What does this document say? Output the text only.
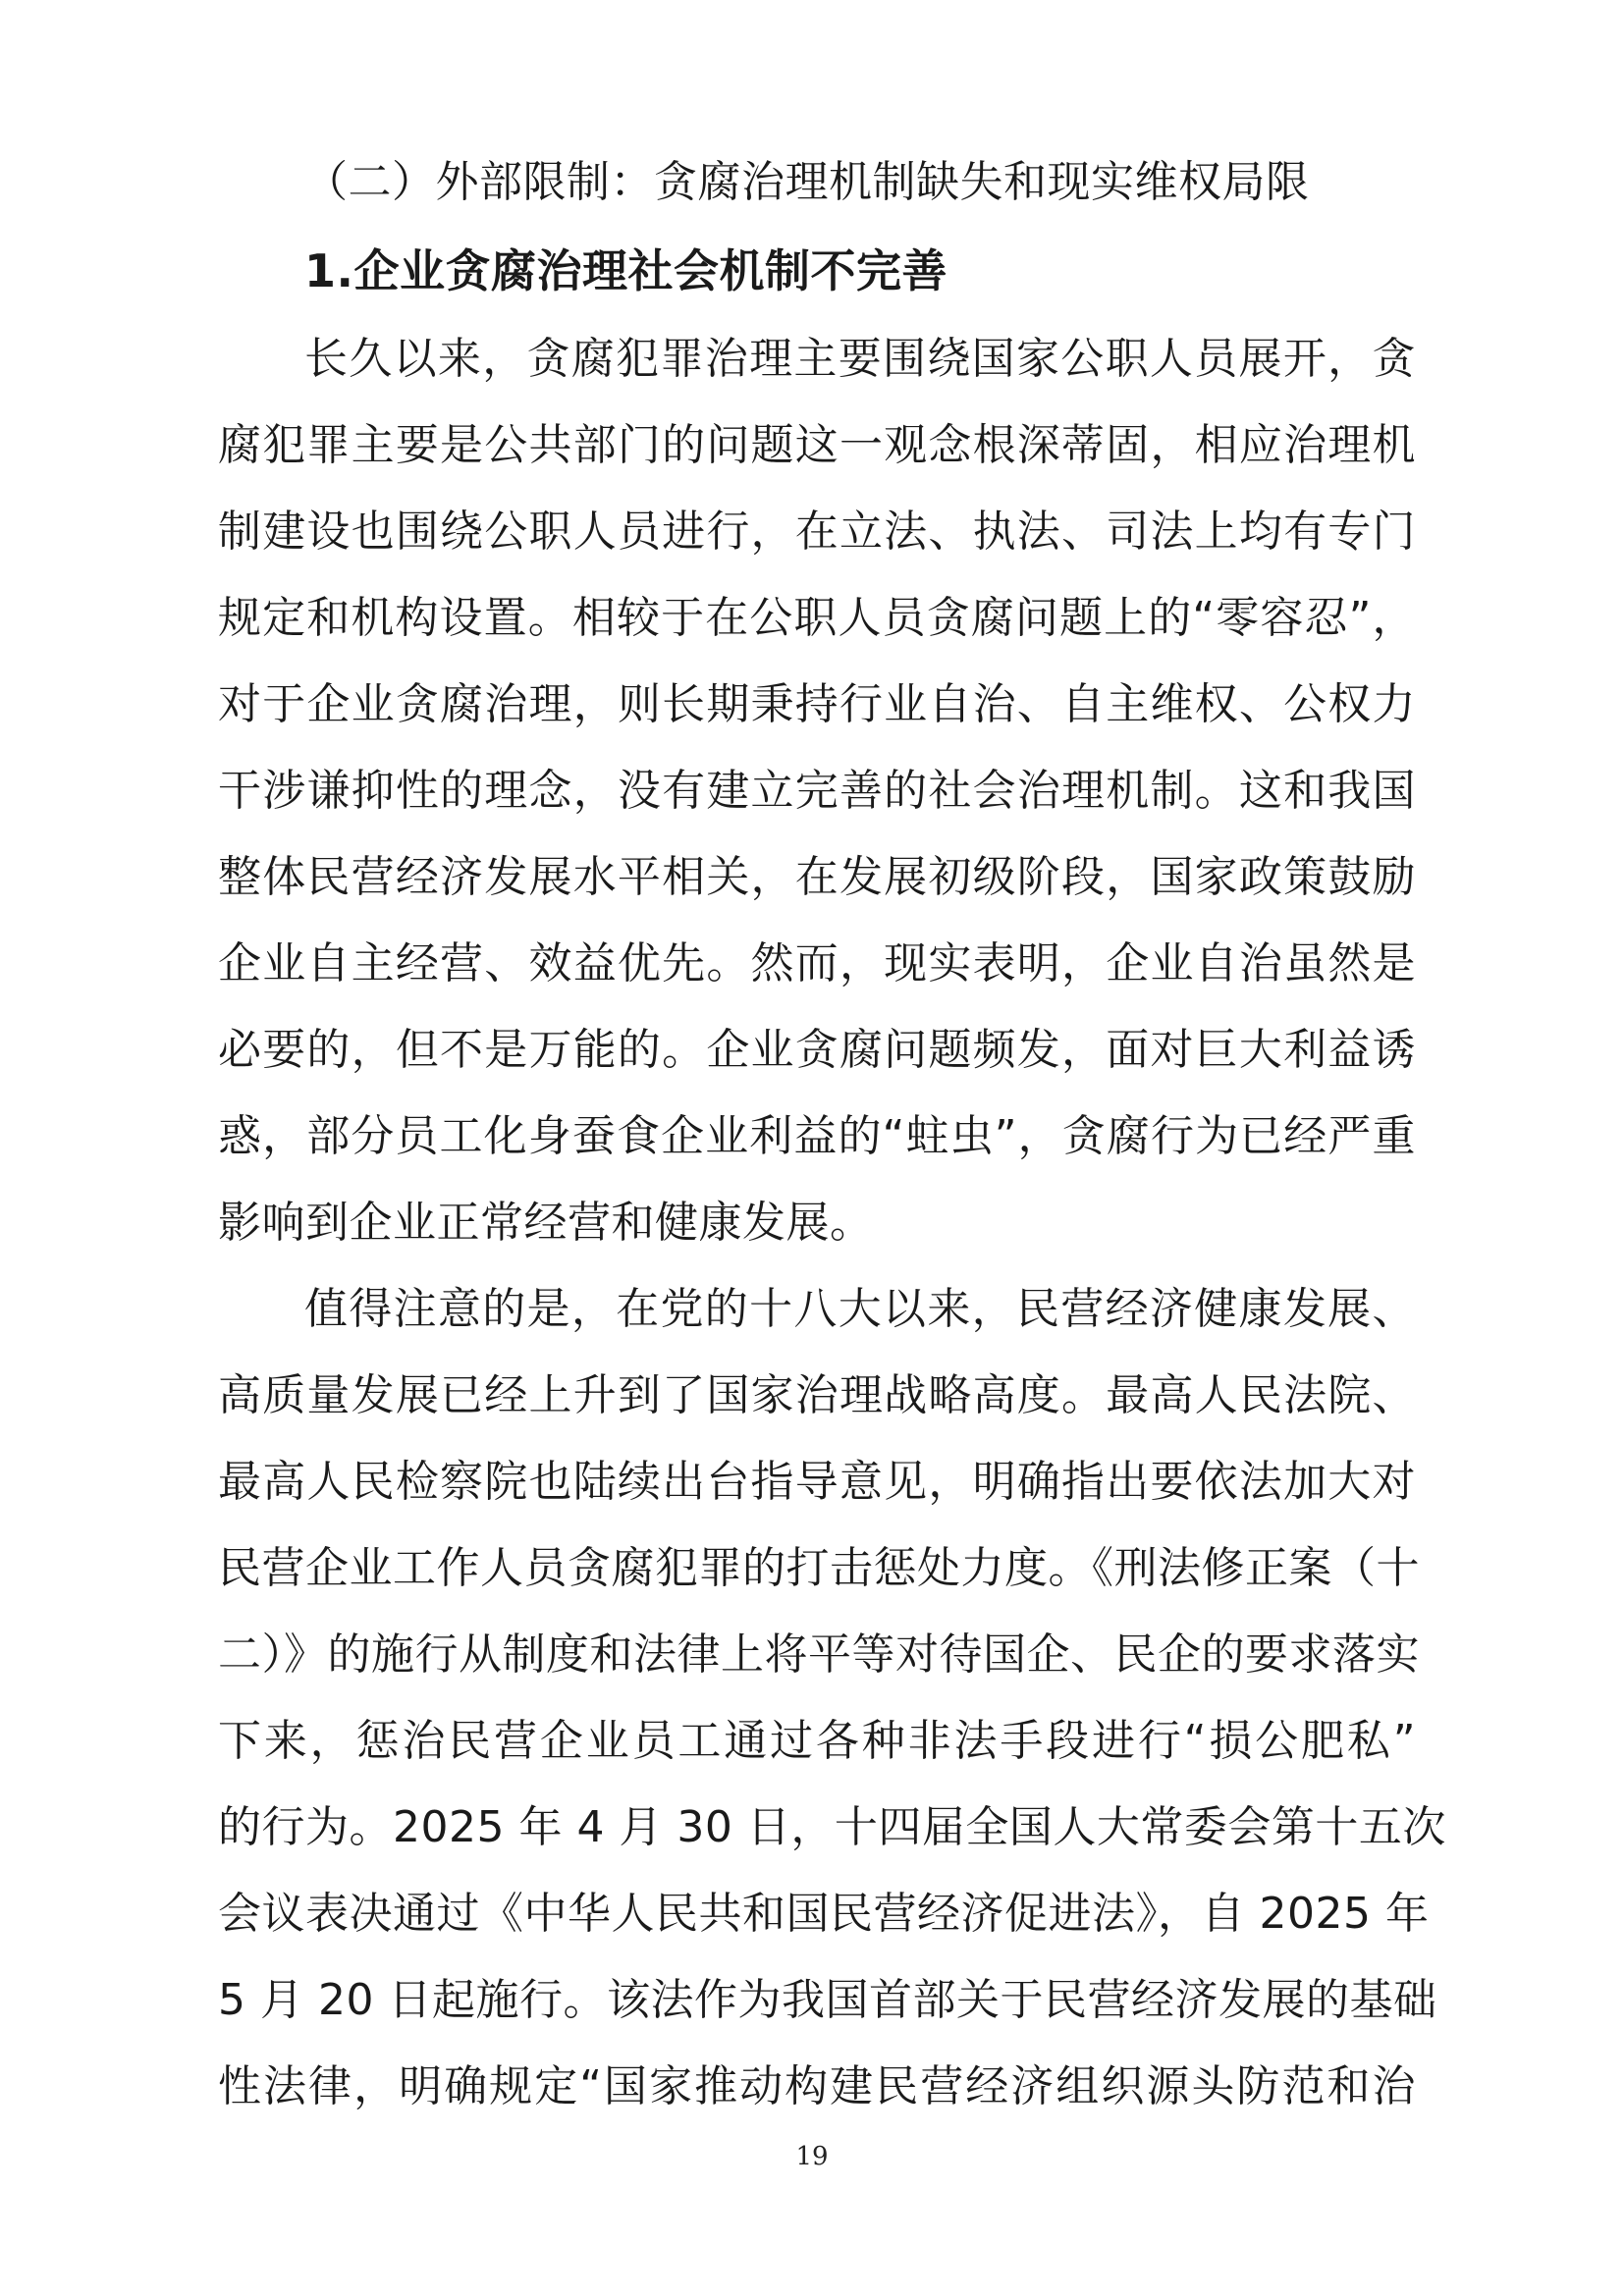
（二）外部限制：贪腐治理机制缺失和现实维权局限
1.企业贪腐治理社会机制不完善
长久以来，贪腐犯罪治理主要围绕国家公职人员展开，贪
腐犯罪主要是公共部门的问题这一观念根深蒂固，相应治理机
制建设也围绕公职人员进行，在立法、执法、司法上均有专门
规定和机构设置。相较于在公职人员贪腐问题上的“零容忍”，
对于企业贪腐治理，则长期秉持行业自治、自主维权、公权力
干涉谦抑性的理念，没有建立完善的社会治理机制。这和我国
整体民营经济发展水平相关，在发展初级阶段，国家政策鼓励
企业自主经营、效益优先。然而，现实表明，企业自治虽然是
必要的，但不是万能的。企业贪腐问题频发，面对巨大利益诱
惑，部分员工化身蚕食企业利益的“蛀虫”，贪腐行为已经严重
影响到企业正常经营和健康发展。
值得注意的是，在党的十八大以来，民营经济健康发展、
高质量发展已经上升到了国家治理战略高度。最高人民法院、
最高人民检察院也陆续出台指导意见，明确指出要依法加大对
民营企业工作人员贪腐犯罪的打击惩处力度。《刑法修正案（十
二）》的施行从制度和法律上将平等对待国企、民企的要求落实
下来，惩治民营企业员工通过各种非法手段进行“损公肥私”
的行为。2025 年 4 月 30 日，十四届全国人大常委会第十五次
会议表决通过《中华人民共和国民营经济促进法》，自 2025 年
5 月 20 日起施行。该法作为我国首部关于民营经济发展的基础
性法律，明确规定“国家推动构建民营经济组织源头防范和治
19
